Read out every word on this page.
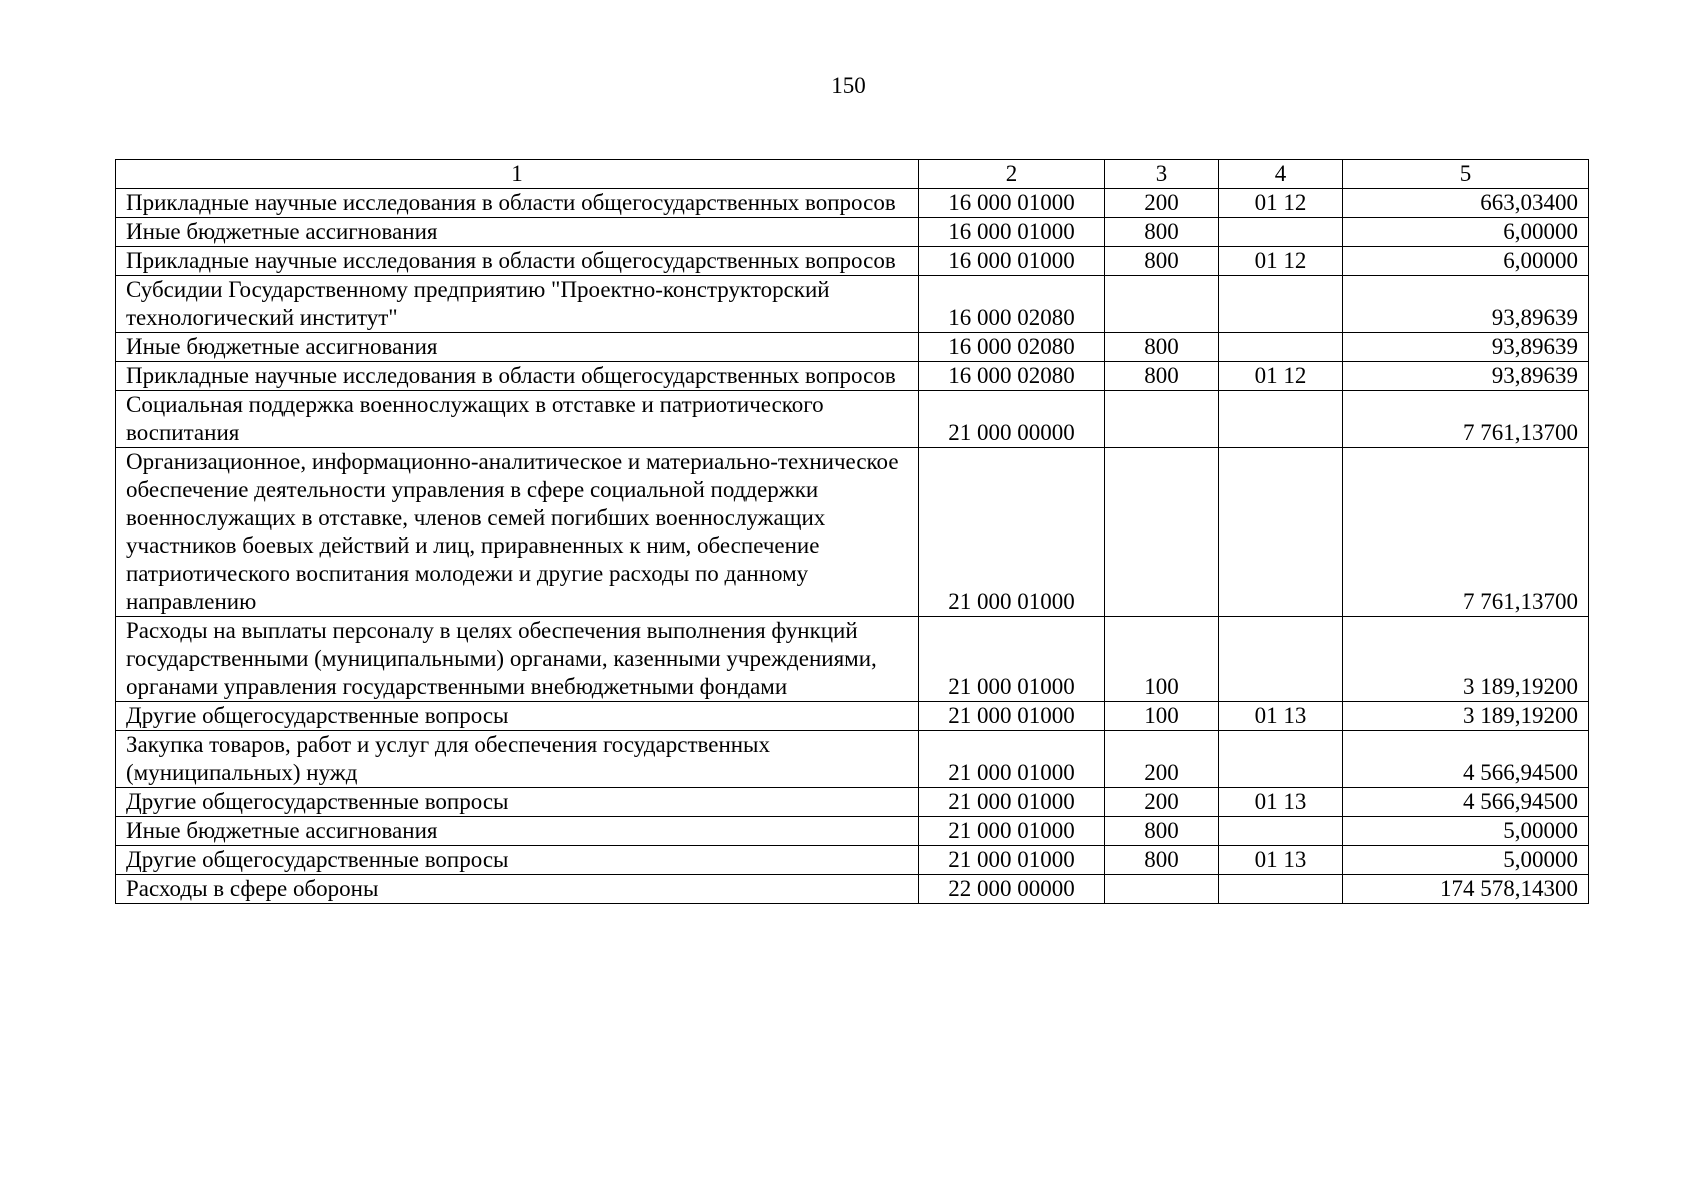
150
1	2	3	4	5
Прикладные научные исследования в области общегосударственных вопросов	16 000 01000	200	01 12	663,03400
Иные бюджетные ассигнования	16 000 01000	800		6,00000
Прикладные научные исследования в области общегосударственных вопросов	16 000 01000	800	01 12	6,00000
Субсидии Государственному предприятию "Проектно-конструкторский технологический институт"	16 000 02080			93,89639
Иные бюджетные ассигнования	16 000 02080	800		93,89639
Прикладные научные исследования в области общегосударственных вопросов	16 000 02080	800	01 12	93,89639
Социальная поддержка военнослужащих в отставке и патриотического воспитания	21 000 00000			7 761,13700
Организационное, информационно-аналитическое и материально-техническое обеспечение деятельности управления в сфере социальной поддержки военнослужащих в отставке, членов семей погибших военнослужащих участников боевых действий и лиц, приравненных к ним, обеспечение патриотического воспитания молодежи и другие расходы по данному направлению	21 000 01000			7 761,13700
Расходы на выплаты персоналу в целях обеспечения выполнения функций государственными (муниципальными) органами, казенными учреждениями, органами управления государственными внебюджетными фондами	21 000 01000	100		3 189,19200
Другие общегосударственные вопросы	21 000 01000	100	01 13	3 189,19200
Закупка товаров, работ и услуг для обеспечения государственных (муниципальных) нужд	21 000 01000	200		4 566,94500
Другие общегосударственные вопросы	21 000 01000	200	01 13	4 566,94500
Иные бюджетные ассигнования	21 000 01000	800		5,00000
Другие общегосударственные вопросы	21 000 01000	800	01 13	5,00000
Расходы в сфере обороны	22 000 00000			174 578,14300
